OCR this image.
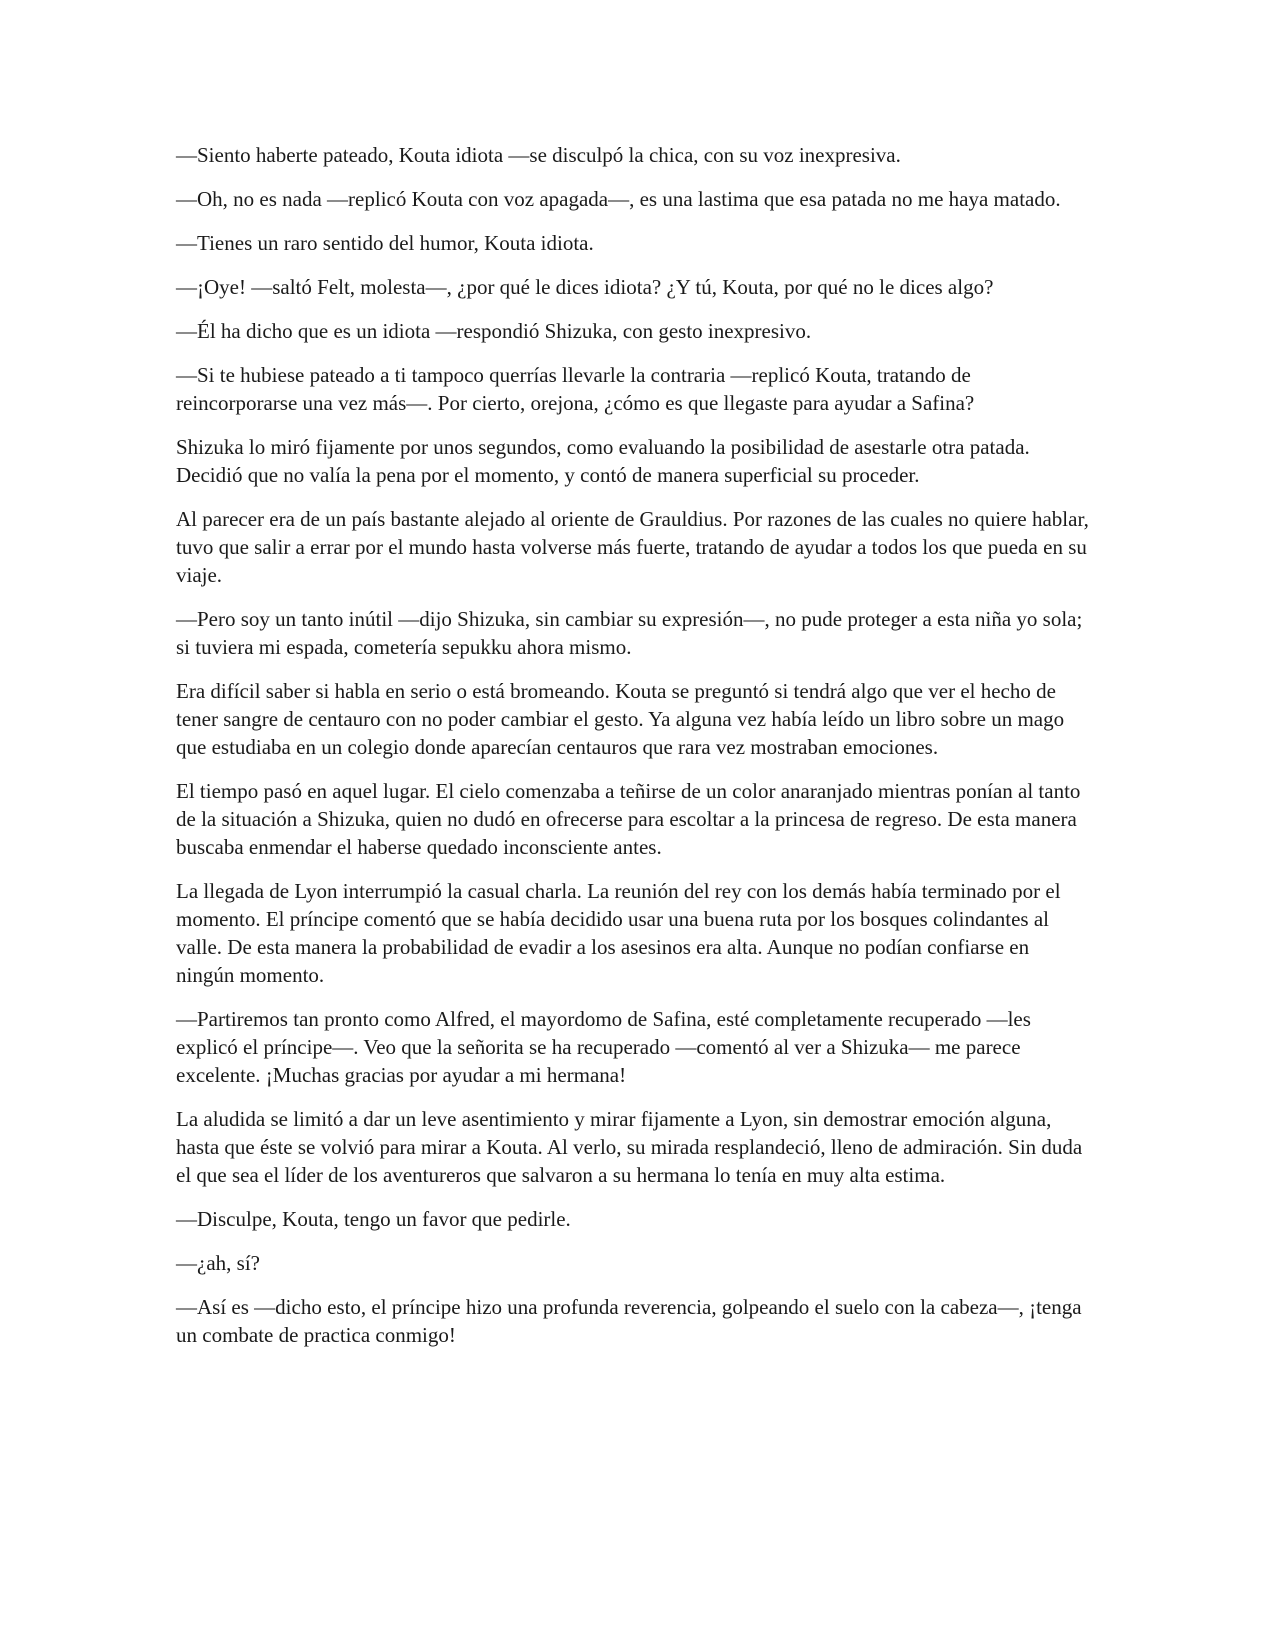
—Siento haberte pateado, Kouta idiota —se disculpó la chica, con su voz inexpresiva.

—Oh, no es nada —replicó Kouta con voz apagada—, es una lastima que esa patada no me haya matado.

—Tienes un raro sentido del humor, Kouta idiota.

—¡Oye! —saltó Felt, molesta—, ¿por qué le dices idiota? ¿Y tú, Kouta, por qué no le dices algo?

—Él ha dicho que es un idiota —respondió Shizuka, con gesto inexpresivo.

—Si te hubiese pateado a ti tampoco querrías llevarle la contraria —replicó Kouta, tratando de reincorporarse una vez más—. Por cierto, orejona, ¿cómo es que llegaste para ayudar a Safina?

Shizuka lo miró fijamente por unos segundos, como evaluando la posibilidad de asestarle otra patada. Decidió que no valía la pena por el momento, y contó de manera superficial su proceder.

Al parecer era de un país bastante alejado al oriente de Grauldius. Por razones de las cuales no quiere hablar, tuvo que salir a errar por el mundo hasta volverse más fuerte, tratando de ayudar a todos los que pueda en su viaje.

—Pero soy un tanto inútil —dijo Shizuka, sin cambiar su expresión—, no pude proteger a esta niña yo sola; si tuviera mi espada, cometería sepukku ahora mismo.

Era difícil saber si habla en serio o está bromeando. Kouta se preguntó si tendrá algo que ver el hecho de tener sangre de centauro con no poder cambiar el gesto. Ya alguna vez había leído un libro sobre un mago que estudiaba en un colegio donde aparecían centauros que rara vez mostraban emociones.

El tiempo pasó en aquel lugar. El cielo comenzaba a teñirse de un color anaranjado mientras ponían al tanto de la situación a Shizuka, quien no dudó en ofrecerse para escoltar a la princesa de regreso. De esta manera buscaba enmendar el haberse quedado inconsciente antes.

La llegada de Lyon interrumpió la casual charla. La reunión del rey con los demás había terminado por el momento. El príncipe comentó que se había decidido usar una buena ruta por los bosques colindantes al valle. De esta manera la probabilidad de evadir a los asesinos era alta. Aunque no podían confiarse en ningún momento.

—Partiremos tan pronto como Alfred, el mayordomo de Safina, esté completamente recuperado —les explicó el príncipe—. Veo que la señorita se ha recuperado —comentó al ver a Shizuka— me parece excelente. ¡Muchas gracias por ayudar a mi hermana!

La aludida se limitó a dar un leve asentimiento y mirar fijamente a Lyon, sin demostrar emoción alguna, hasta que éste se volvió para mirar a Kouta. Al verlo, su mirada resplandeció, lleno de admiración. Sin duda el que sea el líder de los aventureros que salvaron a su hermana lo tenía en muy alta estima.

—Disculpe, Kouta, tengo un favor que pedirle.

—¿ah, sí?

—Así es —dicho esto, el príncipe hizo una profunda reverencia, golpeando el suelo con la cabeza—, ¡tenga un combate de practica conmigo!
